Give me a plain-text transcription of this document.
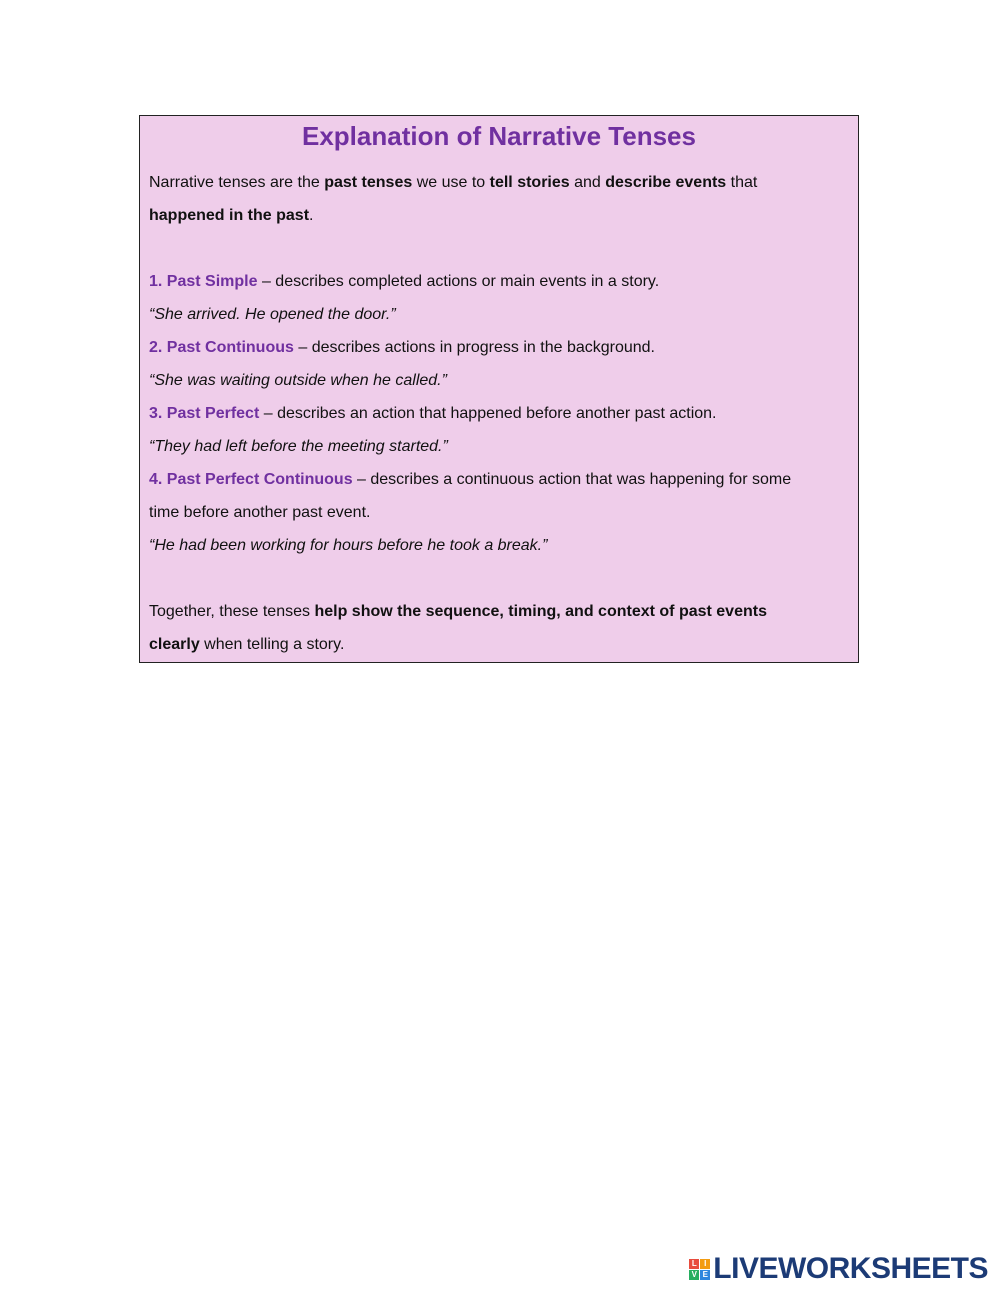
Explanation of Narrative Tenses

Narrative tenses are the past tenses we use to tell stories and describe events that

happened in the past.

1. Past Simple – describes completed actions or main events in a story.

“She arrived. He opened the door.”

2. Past Continuous – describes actions in progress in the background.

“She was waiting outside when he called.”

3. Past Perfect – describes an action that happened before another past action.

“They had left before the meeting started.”

4. Past Perfect Continuous – describes a continuous action that was happening for some

time before another past event.

“He had been working for hours before he took a break.”

Together, these tenses help show the sequence, timing, and context of past events

clearly when telling a story.

L I
V E LIVEWORKSHEETS
